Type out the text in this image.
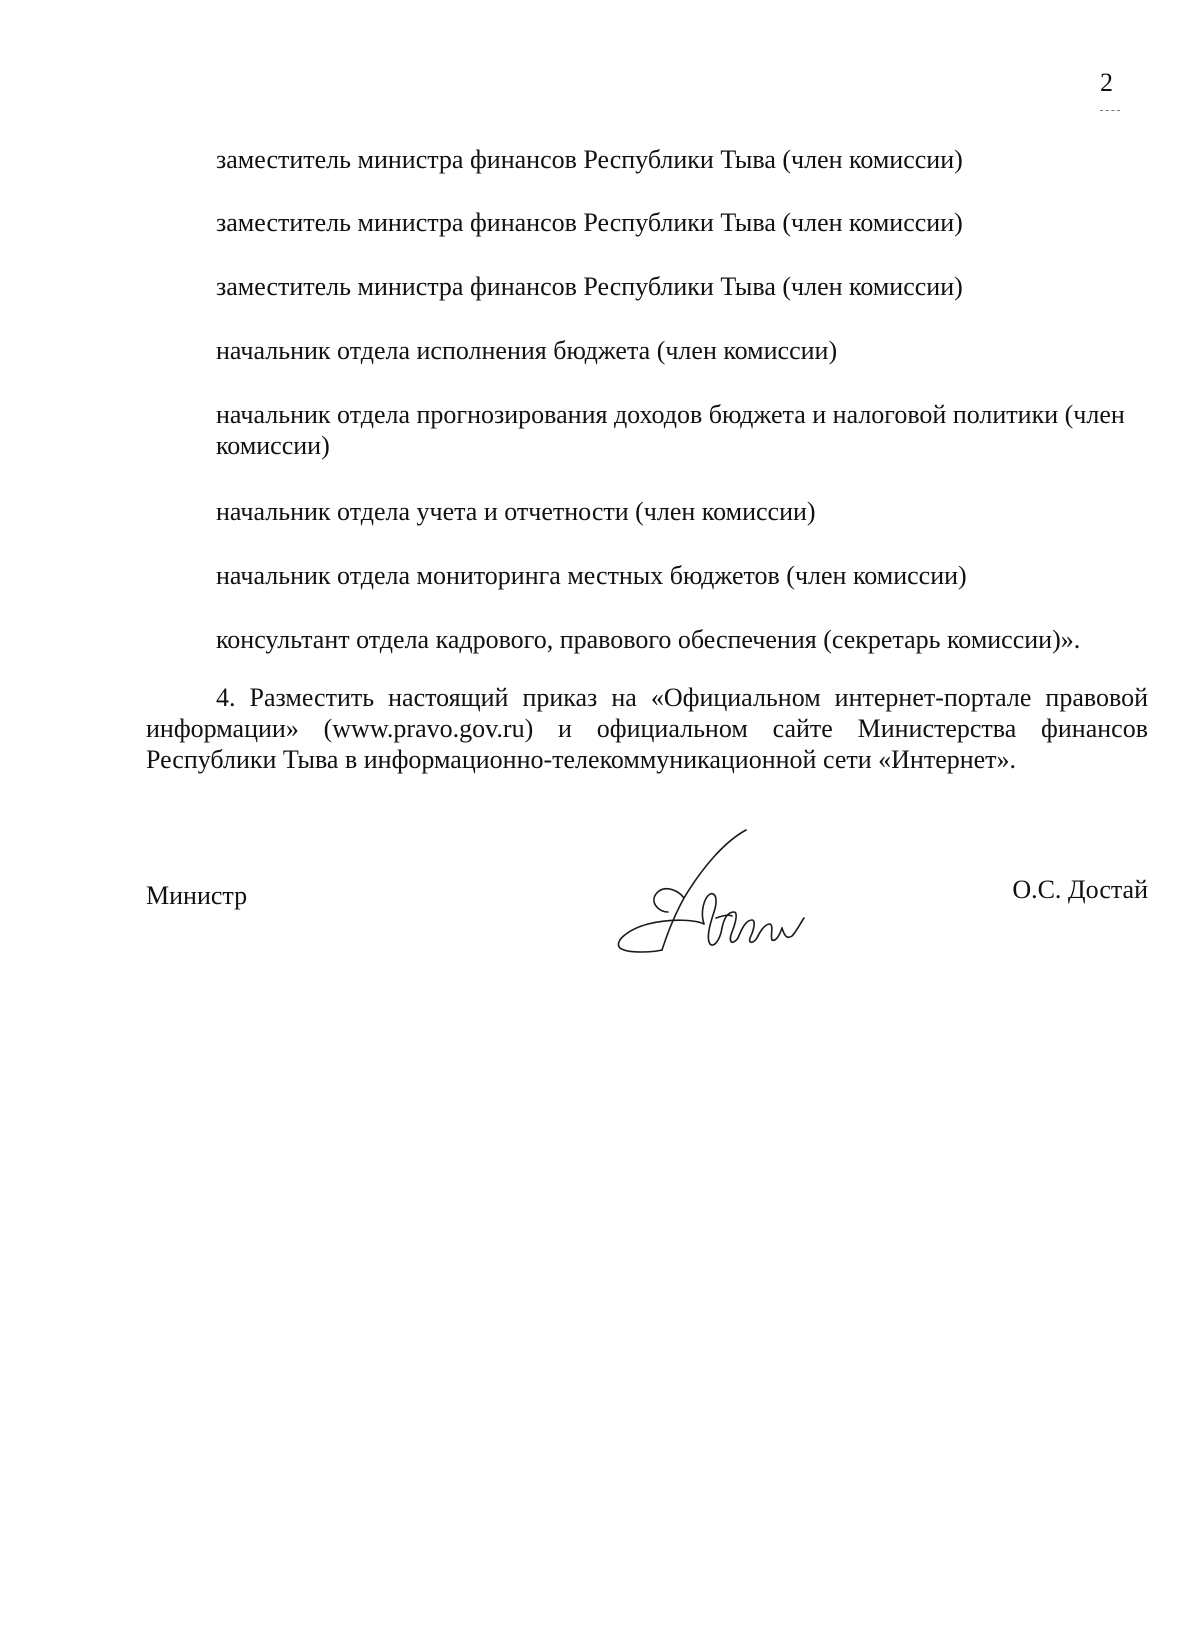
2
заместитель министра финансов Республики Тыва (член комиссии)
заместитель министра финансов Республики Тыва (член комиссии)
заместитель министра финансов Республики Тыва (член комиссии)
начальник отдела исполнения бюджета (член комиссии)
начальник отдела прогнозирования доходов бюджета и налоговой политики (член комиссии)
начальник отдела учета и отчетности (член комиссии)
начальник отдела мониторинга местных бюджетов (член комиссии)
консультант отдела кадрового, правового обеспечения (секретарь комиссии)».

4. Разместить настоящий приказ на «Официальном интернет-портале правовой информации» (www.pravo.gov.ru) и официальном сайте Министерства финансов Республики Тыва в информационно-телекоммуникационной сети «Интернет».

Министр	О.С. Достай
